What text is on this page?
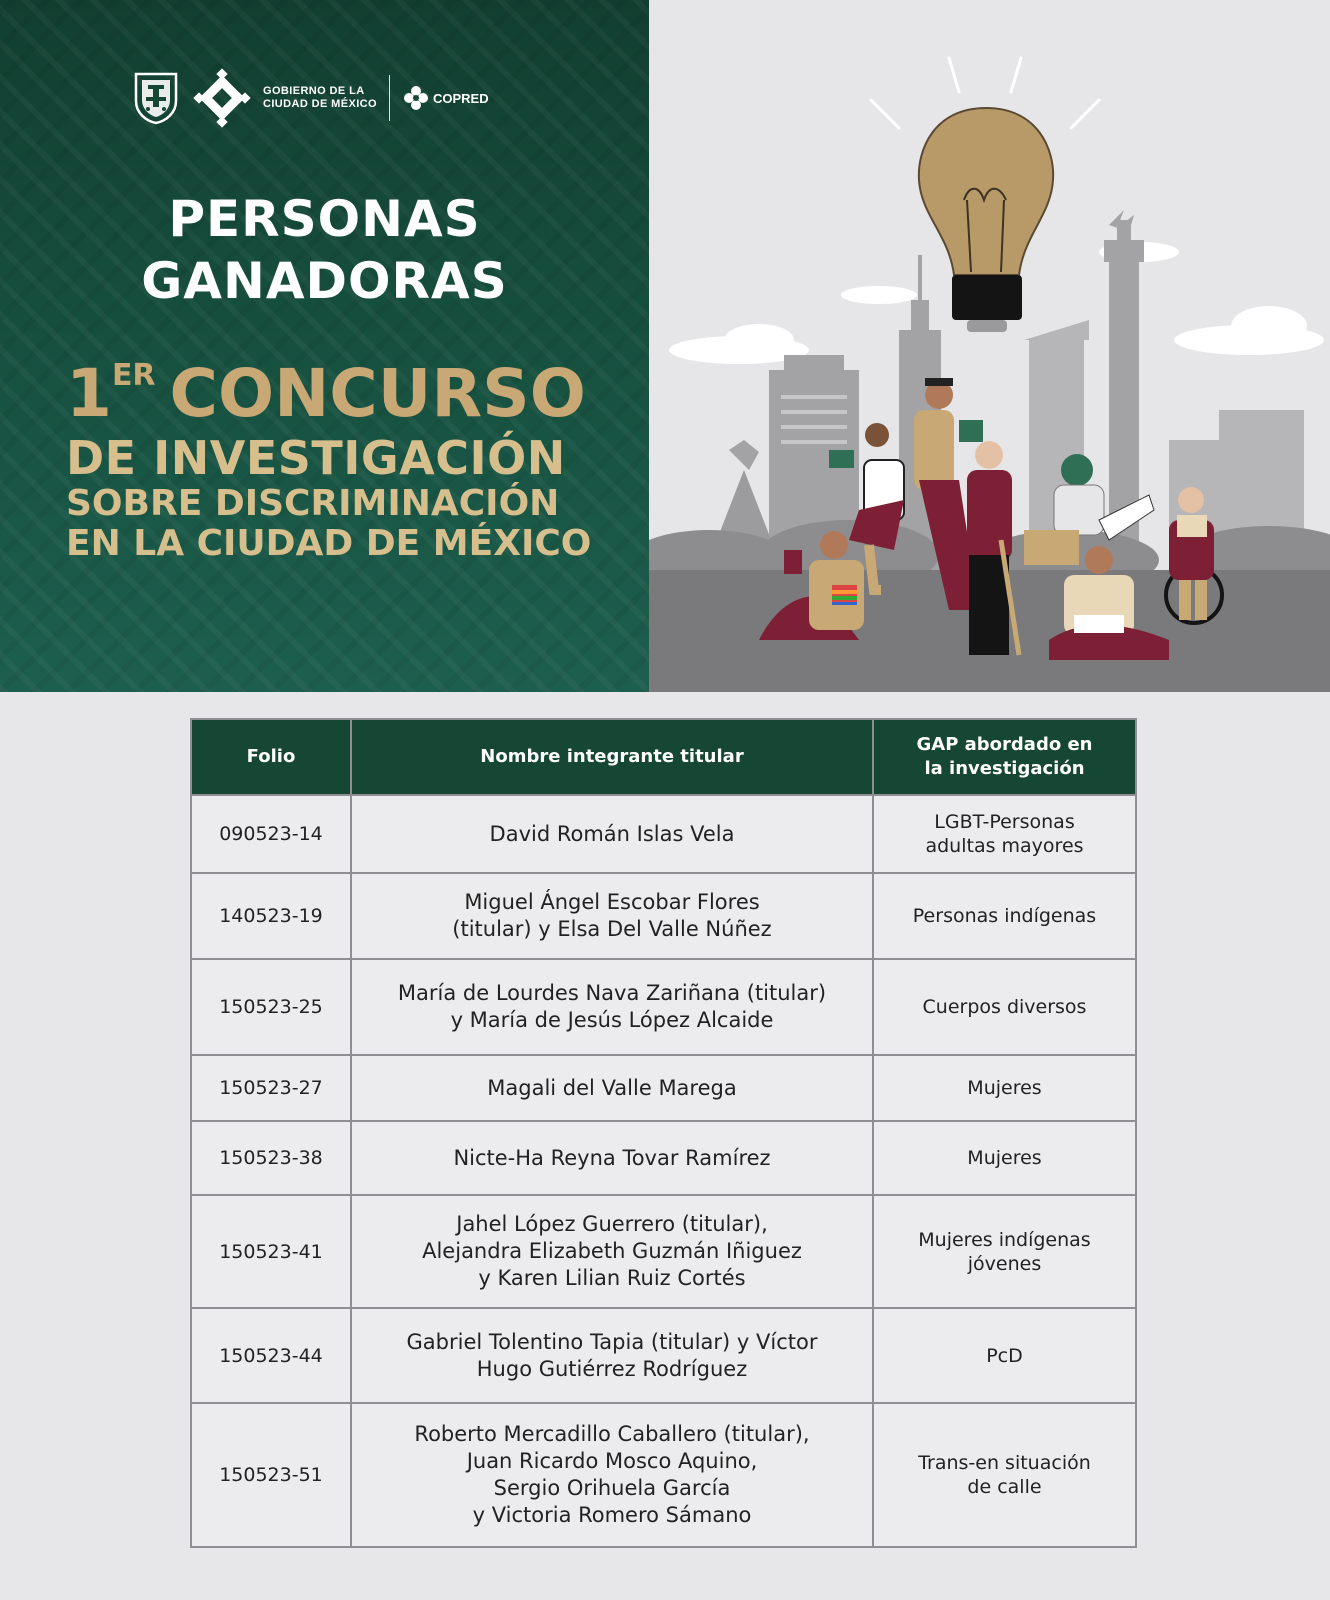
GOBIERNO DE LA
CIUDAD DE MÉXICO	COPRED
PERSONAS
GANADORAS
1 ER CONCURSO
DE INVESTIGACIÓN
SOBRE DISCRIMINACIÓN
EN LA CIUDAD DE MÉXICO
Folio	Nombre integrante titular	GAP abordado en
la investigación
090523-14	David Román Islas Vela	LGBT-Personas
adultas mayores
140523-19	Miguel Ángel Escobar Flores
(titular) y Elsa Del Valle Núñez	Personas indígenas
150523-25	María de Lourdes Nava Zariñana (titular)
y María de Jesús López Alcaide	Cuerpos diversos
150523-27	Magali del Valle Marega	Mujeres
150523-38	Nicte-Ha Reyna Tovar Ramírez	Mujeres
150523-41	Jahel López Guerrero (titular),
Alejandra Elizabeth Guzmán Iñiguez
y Karen Lilian Ruiz Cortés	Mujeres indígenas
jóvenes
150523-44	Gabriel Tolentino Tapia (titular) y Víctor
Hugo Gutiérrez Rodríguez	PcD
150523-51	Roberto Mercadillo Caballero (titular),
Juan Ricardo Mosco Aquino,
Sergio Orihuela García
y Victoria Romero Sámano	Trans-en situación
de calle
